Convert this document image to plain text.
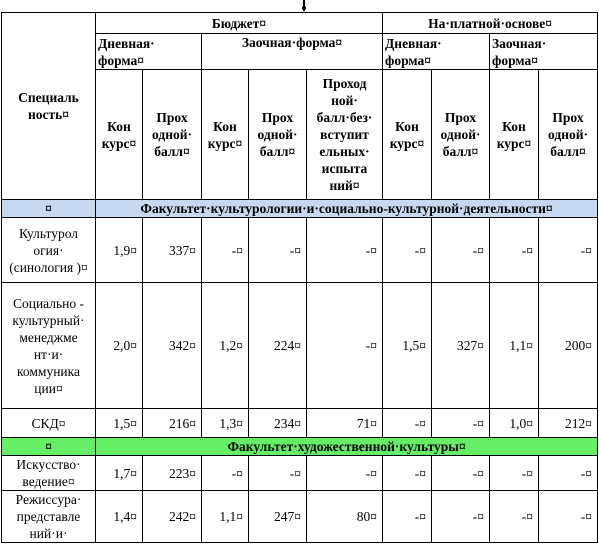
Специаль ность¤	Бюджет¤					На·платной·основе¤			
	Дневная· форма¤		Заочная·форма¤			Дневная· форма¤		Заочная· форма¤	
	Кон курс¤	Прох одной· балл¤	Кон курс¤	Прох одной· балл¤	Проход ной· балл·без· вступит ельных· испыта ний¤	Кон курс¤	Прох одной· балл¤	Кон курс¤	Прох одной· балл¤
¤	Факультет·культурологии·и·социально-культурной·деятельности¤								
Культурол огия· (синология )¤	1,9¤	337¤	-¤	-¤	-¤	-¤	-¤	-¤	-¤
Социально - культурный· менеджме нт·и· коммуника ции¤	2,0¤	342¤	1,2¤	224¤	-¤	1,5¤	327¤	1,1¤	200¤
СКД¤	1,5¤	216¤	1,3¤	234¤	71¤	-¤	-¤	1,0¤	212¤
¤	Факультет·художественной·культуры¤								
Искусство· ведение¤	1,7¤	223¤	-¤	-¤	-¤	-¤	-¤	-¤	-¤
Режиссура· представле ний·и·	1,4¤	242¤	1,1¤	247¤	80¤	-¤	-¤	-¤	-¤
